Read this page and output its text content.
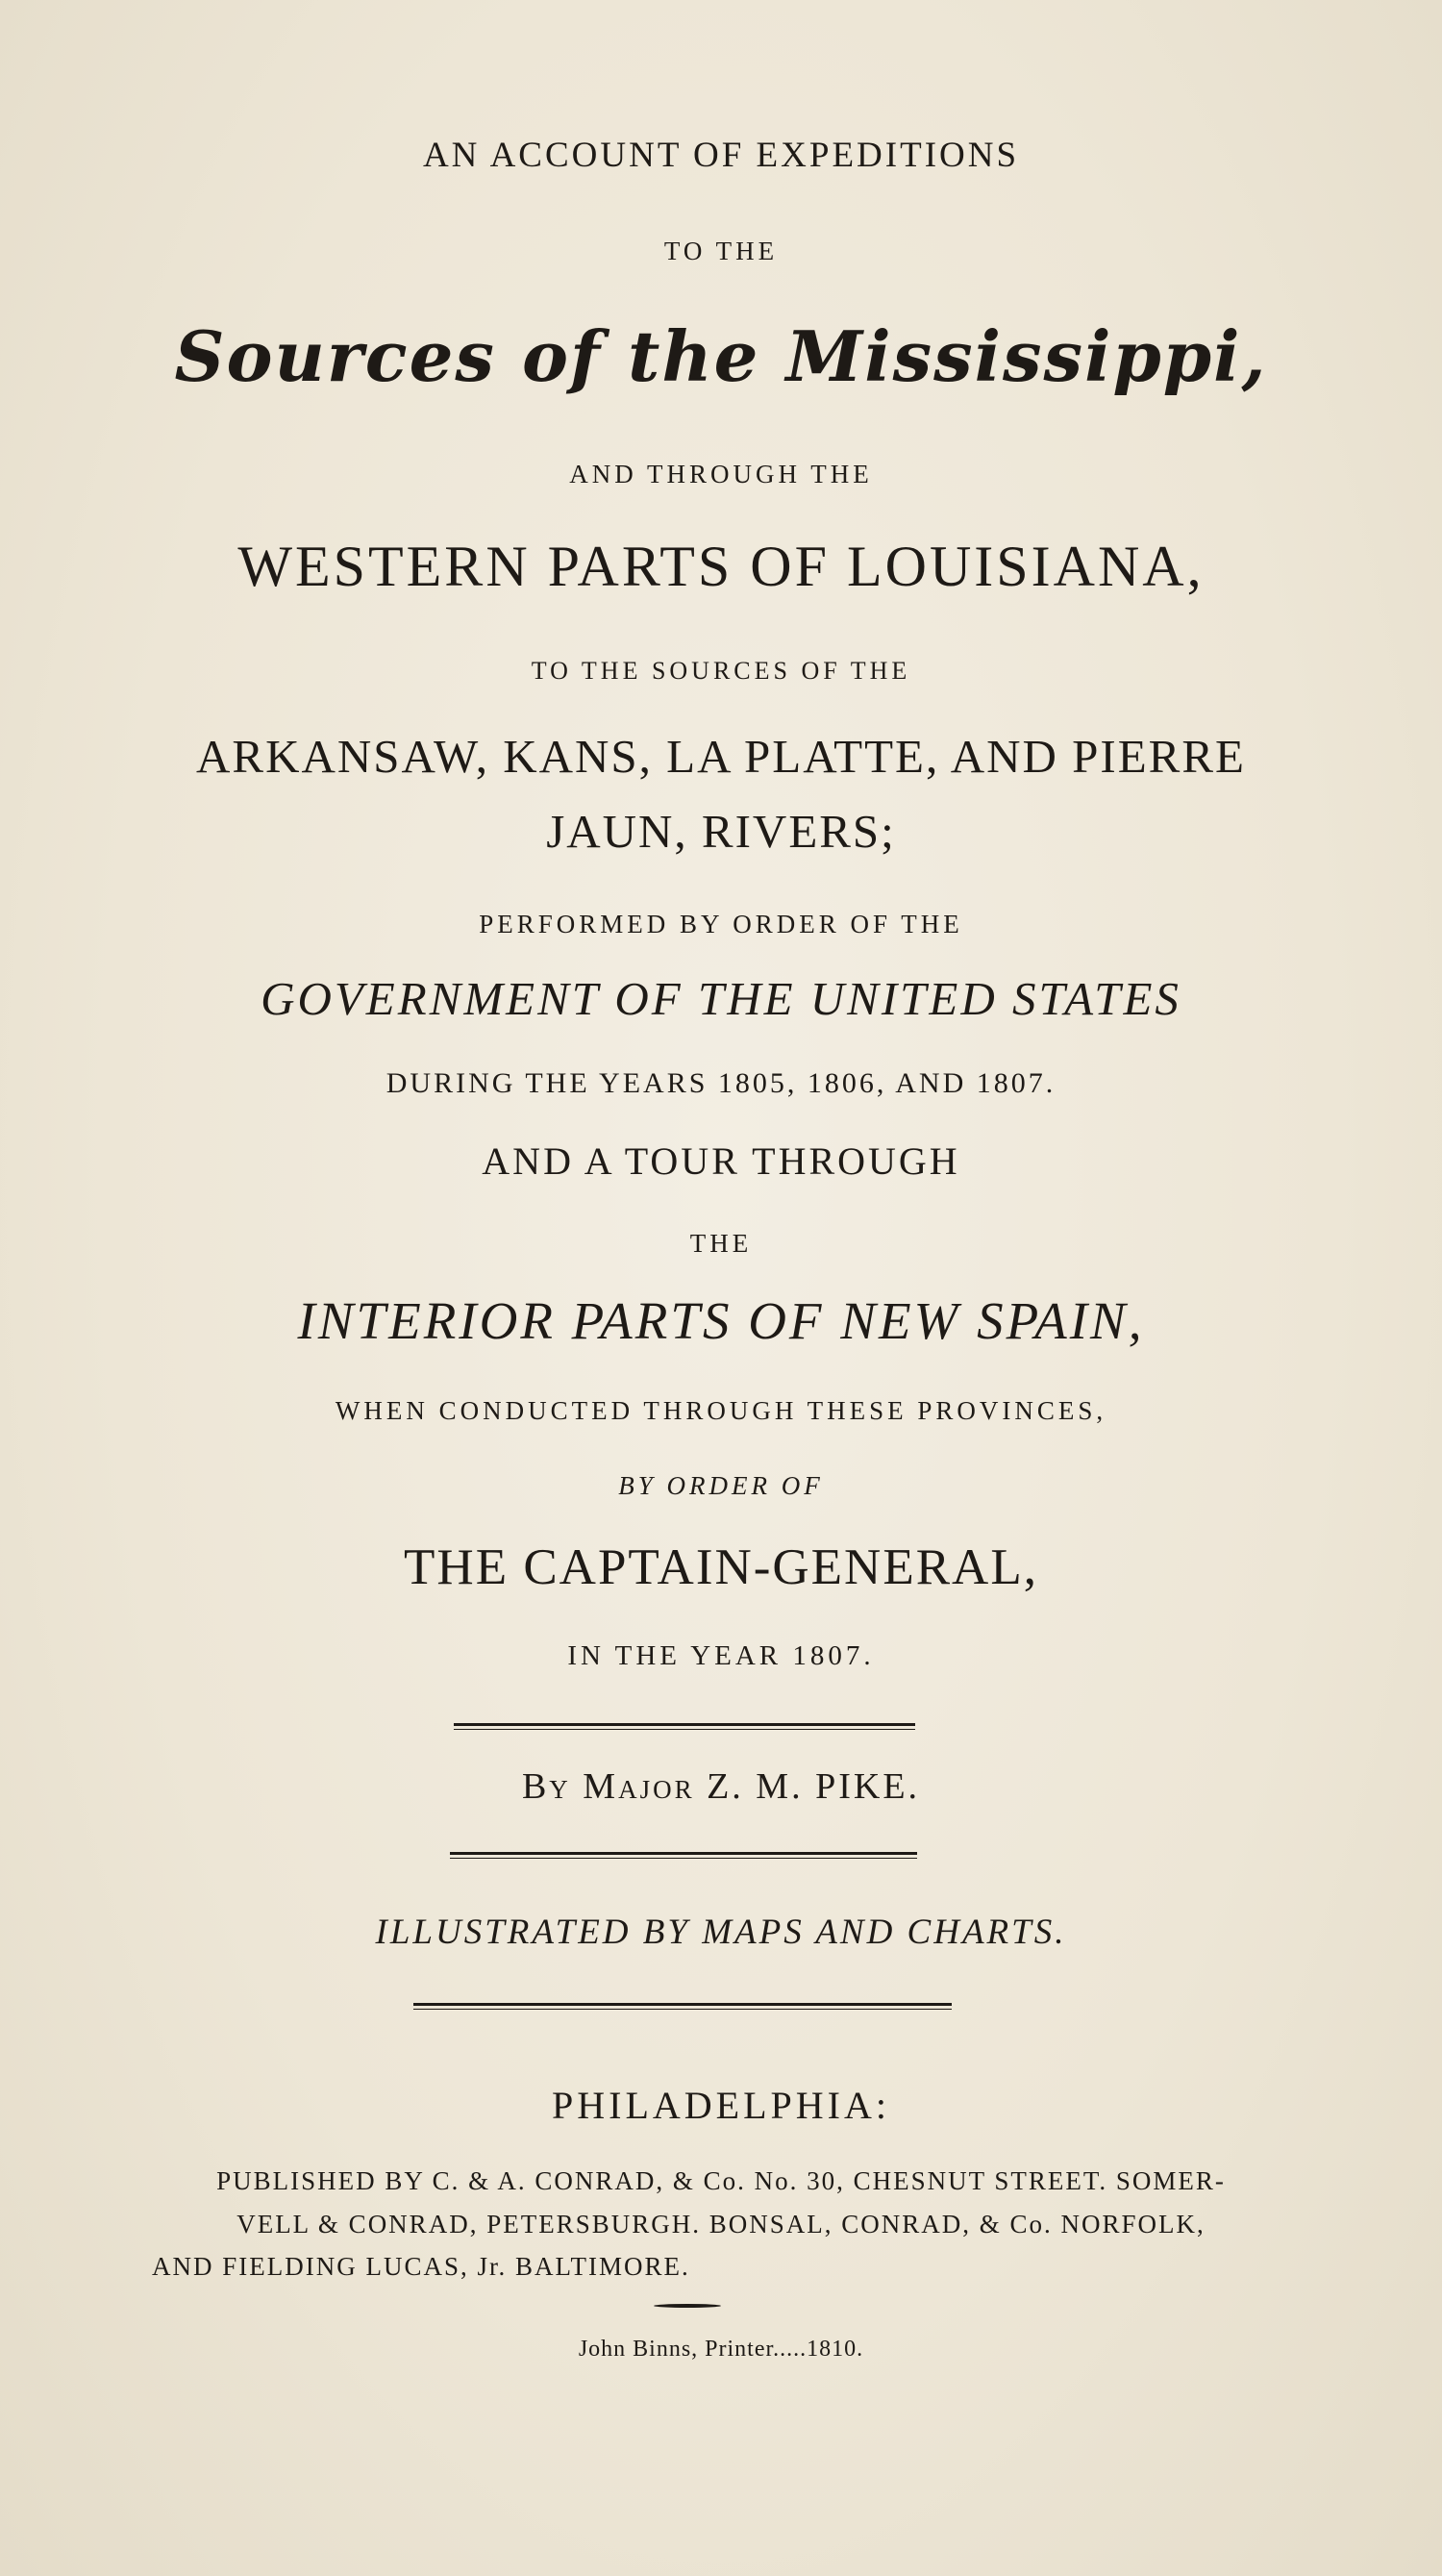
AN ACCOUNT OF EXPEDITIONS
TO THE
Sources of the Mississippi,
AND THROUGH THE
WESTERN PARTS OF LOUISIANA,
TO THE SOURCES OF THE
ARKANSAW, KANS, LA PLATTE, AND PIERRE
JAUN, RIVERS;
PERFORMED BY ORDER OF THE
GOVERNMENT OF THE UNITED STATES
DURING THE YEARS 1805, 1806, AND 1807.
AND A TOUR THROUGH
THE
INTERIOR PARTS OF NEW SPAIN,
WHEN CONDUCTED THROUGH THESE PROVINCES,
BY ORDER OF
THE CAPTAIN-GENERAL,
IN THE YEAR 1807.
By Major Z. M. PIKE.
ILLUSTRATED BY MAPS AND CHARTS.
PHILADELPHIA:
PUBLISHED BY C. & A. CONRAD, & Co. No. 30, CHESNUT STREET. SOMER-
VELL & CONRAD, PETERSBURGH. BONSAL, CONRAD, & Co. NORFOLK,
AND FIELDING LUCAS, Jr. BALTIMORE.
John Binns, Printer.....1810.
